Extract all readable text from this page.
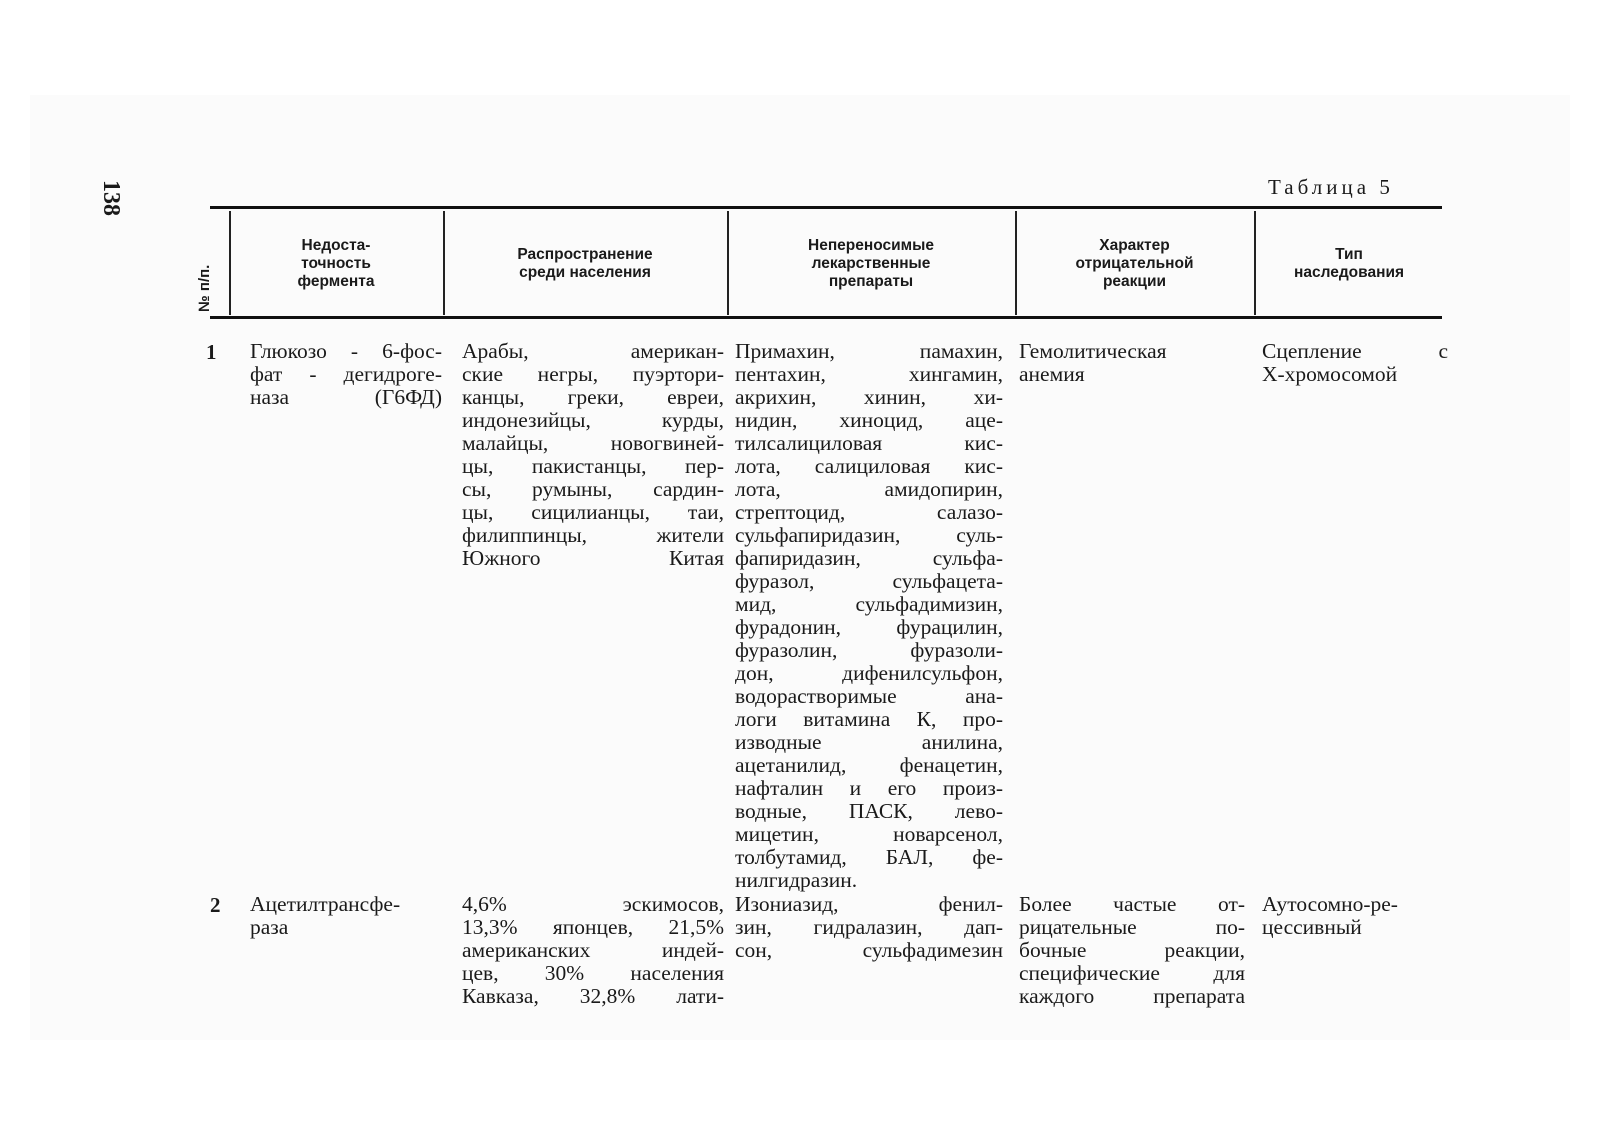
138	Таблица 5
№ п/п.
Недоста-
точность
фермента
Распространение
среди населения
Непереносимые
лекарственные
препараты
Характер
отрицательной
реакции
Тип
наследования
1 Глюкозо - 6-фос-
фат - дегидроге-
наза (Г6ФД)
Арабы, американ-
ские негры, пуэртори-
канцы, греки, евреи,
индонезийцы, курды,
малайцы, новогвиней-
цы, пакистанцы, пер-
сы, румыны, сардин-
цы, сицилианцы, таи,
филиппинцы, жители
Южного Китая
Примахин, памахин,
пентахин, хингамин,
акрихин, хинин, хи-
нидин, хиноцид, аце-
тилсалициловая кис-
лота, салициловая кис-
лота, амидопирин,
стрептоцид, салазо-
сульфапиридазин, суль-
фапиридазин, сульфа-
фуразол, сульфацета-
мид, сульфадимизин,
фурадонин, фурацилин,
фуразолин, фуразоли-
дон, дифенилсульфон,
водорастворимые ана-
логи витамина К, про-
изводные анилина,
ацетанилид, фенацетин,
нафталин и его произ-
водные, ПАСК, лево-
мицетин, новарсенол,
толбутамид, БАЛ, фе-
нилгидразин.
Гемолитическая
анемия
Сцепление с
Х-хромосомой
2 Ацетилтрансфе-
раза
4,6% эскимосов,
13,3% японцев, 21,5%
американских индей-
цев, 30% населения
Кавказа, 32,8% лати-
Изониазид, фенил-
зин, гидралазин, дап-
сон, сульфадимезин
Более частые от-
рицательные по-
бочные реакции,
специфические для
каждого препарата
Аутосомно-ре-
цессивный
